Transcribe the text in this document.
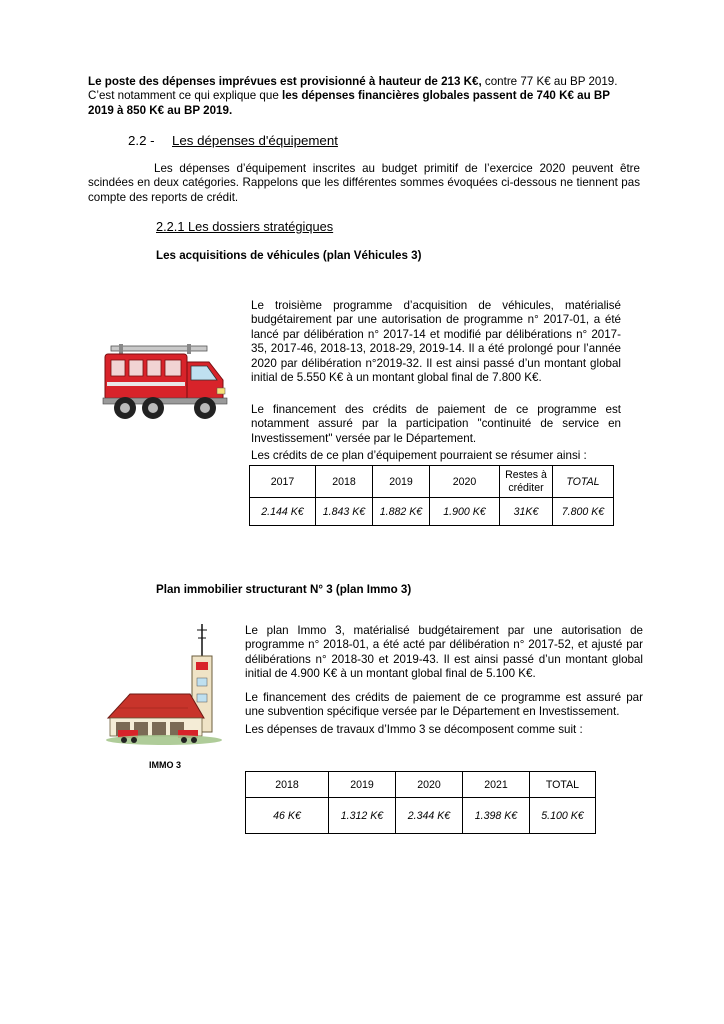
Le poste des dépenses imprévues est provisionné à hauteur de 213 K€, contre 77 K€ au BP 2019. C’est notamment ce qui explique que les dépenses financières globales passent de 740 K€ au BP 2019 à 850 K€ au BP 2019.

2.2 - Les dépenses d'équipement

Les dépenses d’équipement inscrites au budget primitif de l’exercice 2020 peuvent être scindées en deux catégories. Rappelons que les différentes sommes évoquées ci-dessous ne tiennent pas compte des reports de crédit.

2.2.1 Les dossiers stratégiques
Les acquisitions de véhicules (plan Véhicules 3)

Le troisième programme d’acquisition de véhicules, matérialisé budgétairement par une autorisation de programme n° 2017-01, a été lancé par délibération n° 2017-14 et modifié par délibérations n° 2017-35, 2017-46, 2018-13, 2018-29, 2019-14. Il a été prolongé pour l’année 2020 par délibération n°2019-32. Il est ainsi passé d’un montant global initial de 5.550 K€ à un montant global final de 7.800 K€.

Le financement des crédits de paiement de ce programme est notamment assuré par la participation "continuité de service en Investissement" versée par le Département.

Les crédits de ce plan d’équipement pourraient se résumer ainsi :

2017	2018	2019	2020	Restes à créditer	TOTAL
2.144 K€	1.843 K€	1.882 K€	1.900 K€	31K€	7.800 K€
Plan immobilier structurant N° 3 (plan Immo 3)
IMMO 3

Le plan Immo 3, matérialisé budgétairement par une autorisation de programme n° 2018-01, a été acté par délibération n° 2017-52, et ajusté par délibérations n° 2018-30 et 2019-43. Il est ainsi passé d’un montant global initial de 4.900 K€ à un montant global final de 5.100 K€.

Le financement des crédits de paiement de ce programme est assuré par une subvention spécifique versée par le Département en Investissement.

Les dépenses de travaux d’Immo 3 se décomposent comme suit :

2018	2019	2020	2021	TOTAL
46 K€	1.312 K€	2.344 K€	1.398 K€	5.100 K€
